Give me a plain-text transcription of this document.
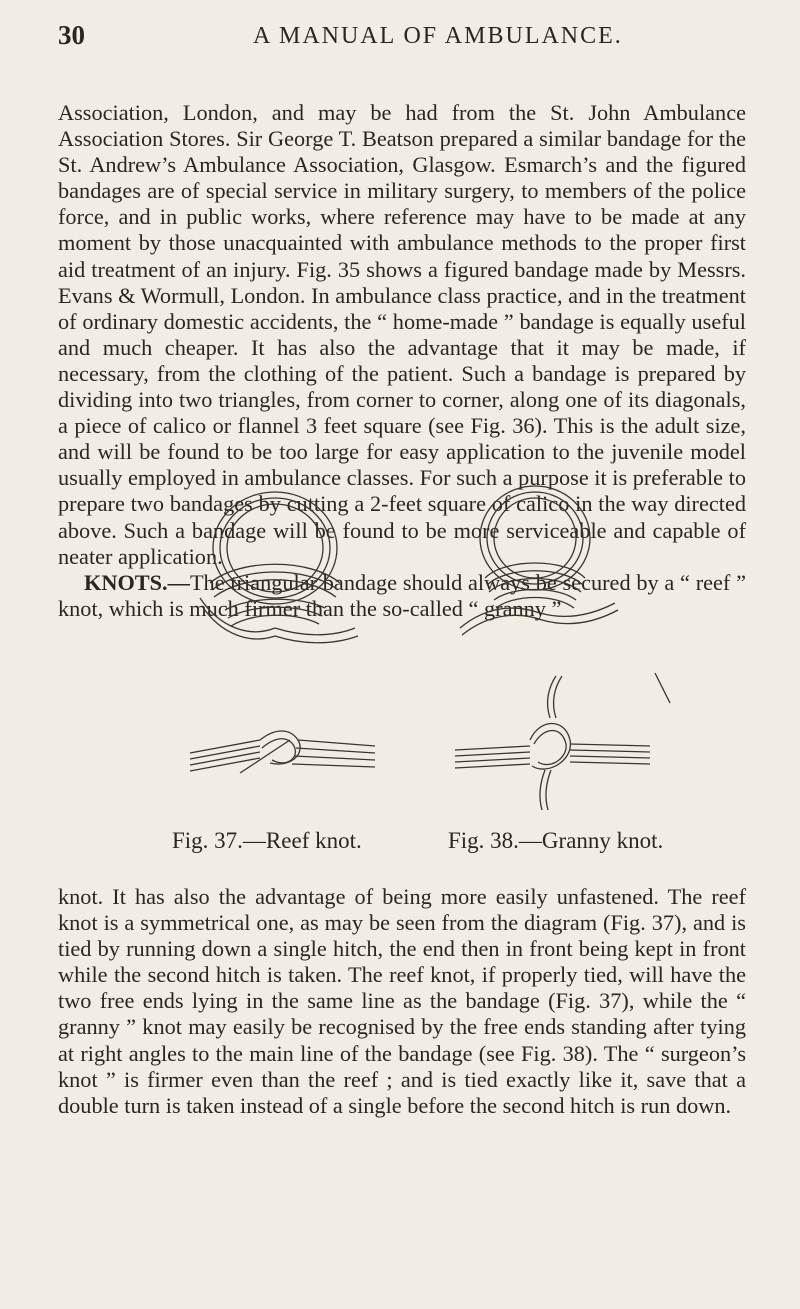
30	A MANUAL OF AMBULANCE.

Association, London, and may be had from the St. John Ambulance Association Stores. Sir George T. Beatson prepared a similar bandage for the St. Andrew’s Ambulance Association, Glasgow. Esmarch’s and the figured bandages are of special service in military surgery, to members of the police force, and in public works, where reference may have to be made at any moment by those unacquainted with ambulance methods to the proper first aid treatment of an injury. Fig. 35 shows a figured bandage made by Messrs. Evans & Wormull, London. In ambulance class practice, and in the treatment of ordinary domestic accidents, the “ home-made ” bandage is equally useful and much cheaper. It has also the advantage that it may be made, if necessary, from the clothing of the patient. Such a bandage is prepared by dividing into two triangles, from corner to corner, along one of its diagonals, a piece of calico or flannel 3 feet square (see Fig. 36). This is the adult size, and will be found to be too large for easy application to the juvenile model usually employed in ambulance classes. For such a purpose it is preferable to prepare two bandages by cutting a 2-feet square of calico in the way directed above. Such a bandage will be found to be more serviceable and capable of neater application.
KNOTS.—The triangular bandage should always be secured by a “ reef ” knot, which is much firmer than the so-called “ granny ”

Fig. 37.—Reef knot.	Fig. 38.—Granny knot.

knot. It has also the advantage of being more easily unfastened. The reef knot is a symmetrical one, as may be seen from the diagram (Fig. 37), and is tied by running down a single hitch, the end then in front being kept in front while the second hitch is taken. The reef knot, if properly tied, will have the two free ends lying in the same line as the bandage (Fig. 37), while the “ granny ” knot may easily be recognised by the free ends standing after tying at right angles to the main line of the bandage (see Fig. 38). The “ surgeon’s knot ” is firmer even than the reef ; and is tied exactly like it, save that a double turn is taken instead of a single before the second hitch is run down.
